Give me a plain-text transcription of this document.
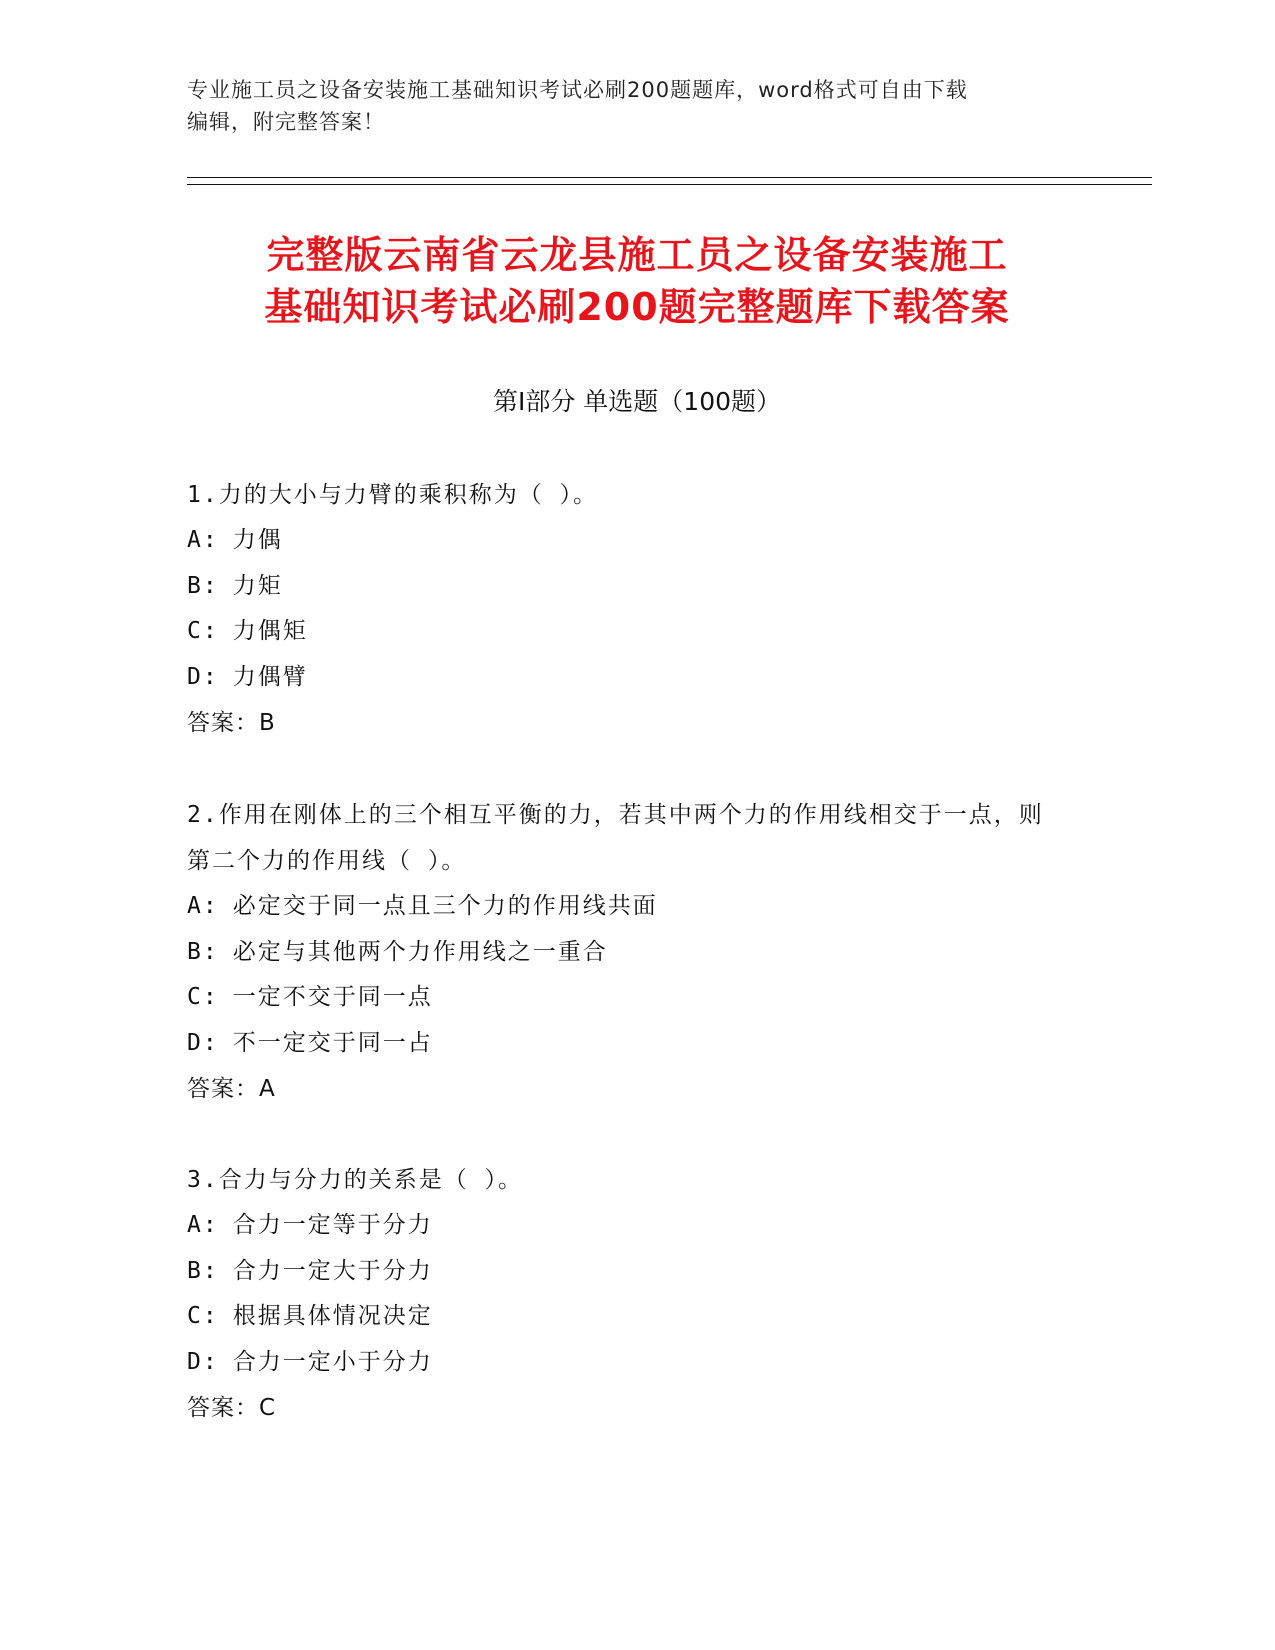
专业施工员之设备安装施工基础知识考试必刷200题题库，word格式可自由下载
编辑，附完整答案！
完整版云南省云龙县施工员之设备安装施工
基础知识考试必刷200题完整题库下载答案
第Ⅰ部分 单选题（100题）

1.力的大小与力臂的乘积称为（ ）。

A: 力偶

B: 力矩

C: 力偶矩

D: 力偶臂

答案：B

2.作用在刚体上的三个相互平衡的力，若其中两个力的作用线相交于一点，则第二个力的作用线（ ）。

A: 必定交于同一点且三个力的作用线共面

B: 必定与其他两个力作用线之一重合

C: 一定不交于同一点

D: 不一定交于同一占

答案：A

3.合力与分力的关系是（ ）。

A: 合力一定等于分力

B: 合力一定大于分力

C: 根据具体情况决定

D: 合力一定小于分力

答案：C
